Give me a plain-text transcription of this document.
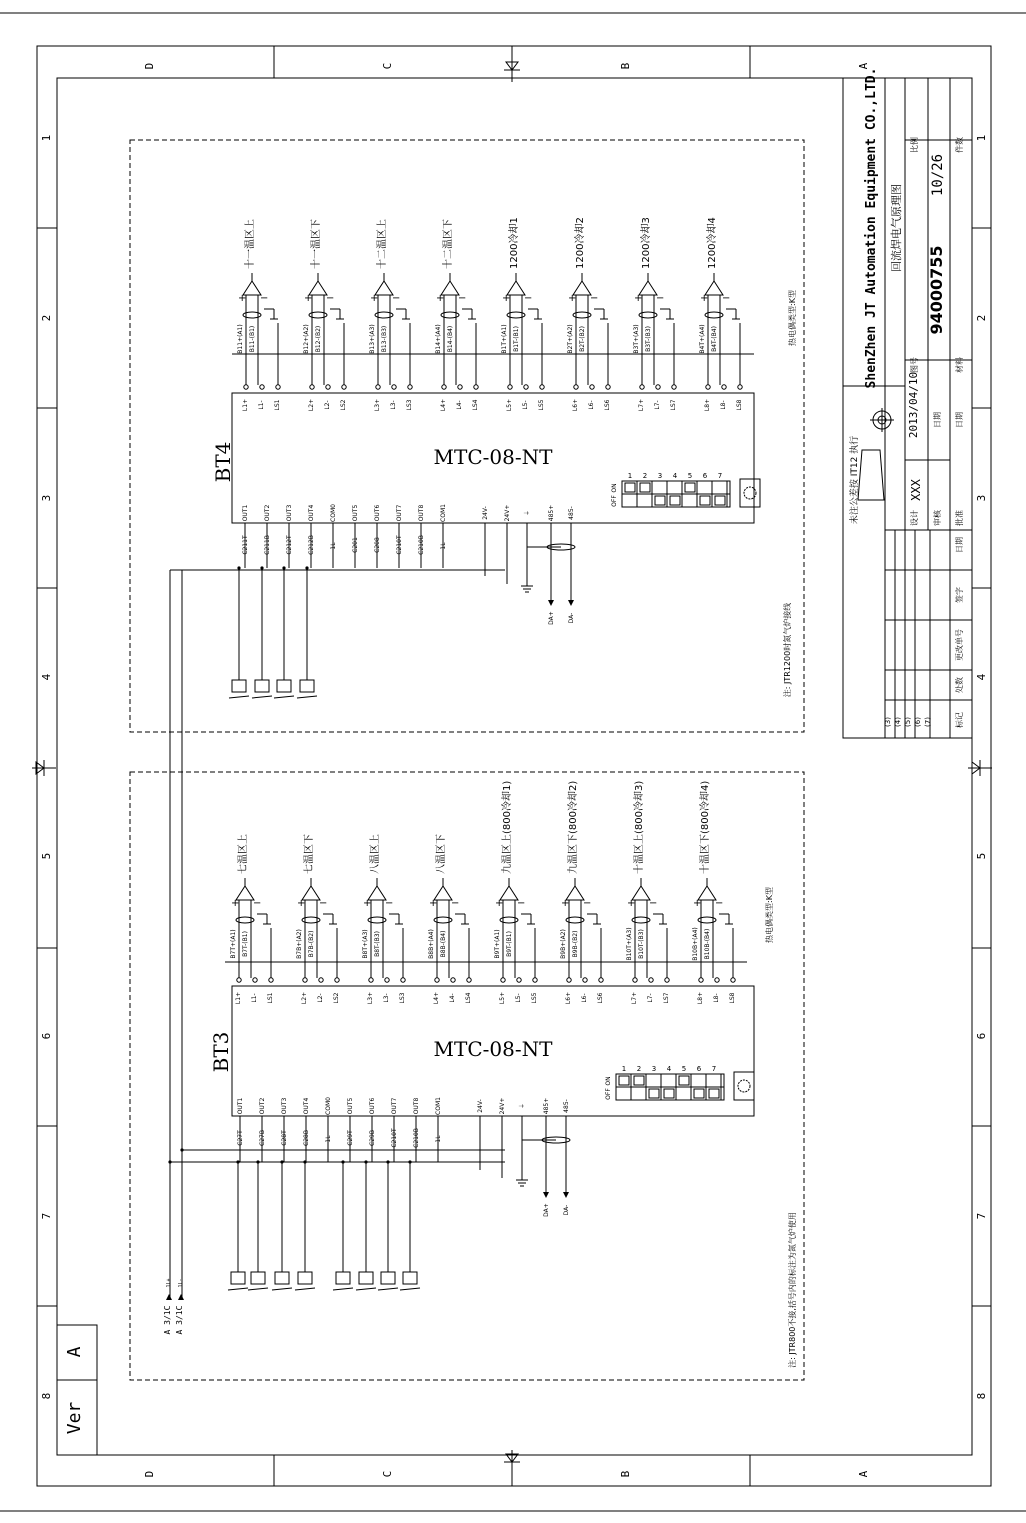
D
D
C
C
B
B
A
A
1	1
2	2
3	3
4	4
5	5
6	6
7	7
8	8
A
Ver
ShenZhen JT Automation Equipment CO.,LTD. 回流焊电气原理图
94000755
10/26
比例	件数
图号	材料
2013/04/10 日期 日期
设计
XXX
审核 批准
未注公差按 IT12 执行
日期
签字
更改单号
处数
标记
(3) (4) (5) (6) (7)
+ −
十一温区上
B11+(A1) B11-(B1)
L1+ L1- LS1
+ −
十一温区下
B12+(A2) B12-(B2)
L2+ L2- LS2
+ −
十二温区上
B13+(A3) B13-(B3)
L3+ L3- LS3
+ −
十二温区下
B14+(A4) B14-(B4)
L4+ L4- LS4
+ −
1200冷却1
B1T+(A1) B1T-(B1)
L5+ L5- LS5
+ −
1200冷却2
B2T+(A2) B2T-(B2)
L6+ L6- LS6
+ −
1200冷却3
B3T+(A3) B3T-(B3)
L7+ L7- LS7
+ −
1200冷却4
B4T+(A4) B4T-(B4)
L8+ L8- LS8
热电偶类型:K型
BT4	MTC-08-NT
1 2 3 4 5 6 7
ON
OFF
OUT1	OUT2	OUT3	OUT4	COM0	OUT5	OUT6	OUT7	OUT8	COM1	24V-	24V+ ⏚	485+ 485-
C211T	C211B	C212T	C212B	1L-	C201	C208	C210T	C210B	1L-
DA+ DA-	注: JTR1200时氮气炉接线
+ −
七温区上
B7T+(A1) B7T-(B1)
L1+ L1- LS1
+ −
七温区下
B7B+(A2) B7B-(B2)
L2+ L2- LS2
+ −
八温区上
B8T+(A3) B8T-(B3)
L3+ L3- LS3
+ −
八温区下
B8B+(A4) B8B-(B4)
L4+ L4- LS4
+ −
九温区上(800冷却1)
B9T+(A1) B9T-(B1)
L5+ L5- LS5
+ −
九温区下(800冷却2)
B9B+(A2) B9B-(B2)
L6+ L6- LS6
+ −
十温区上(800冷却3)
B10T+(A3) B10T-(B3)
L7+ L7- LS7
+ −
十温区下(800冷却4)
B10B+(A4) B10B-(B4)
L8+ L8- LS8
热电偶类型:K型
BT3	MTC-08-NT
1 2 3 4 5 6 7
ON
OFF
OUT1	OUT2	OUT3	OUT4	COM0	OUT5	OUT6	OUT7	OUT8	COM1	24V-	24V+ ⏚	485+ 485-
C27T	C27B	C28T	C28B	1L-	C29T	C29B	C210T	C210B	1L-
DA+ DA-
注: JTR800不接,括号内的标注为氮气炉使用
A 3/1C
1L+
A 3/1C
1L-
